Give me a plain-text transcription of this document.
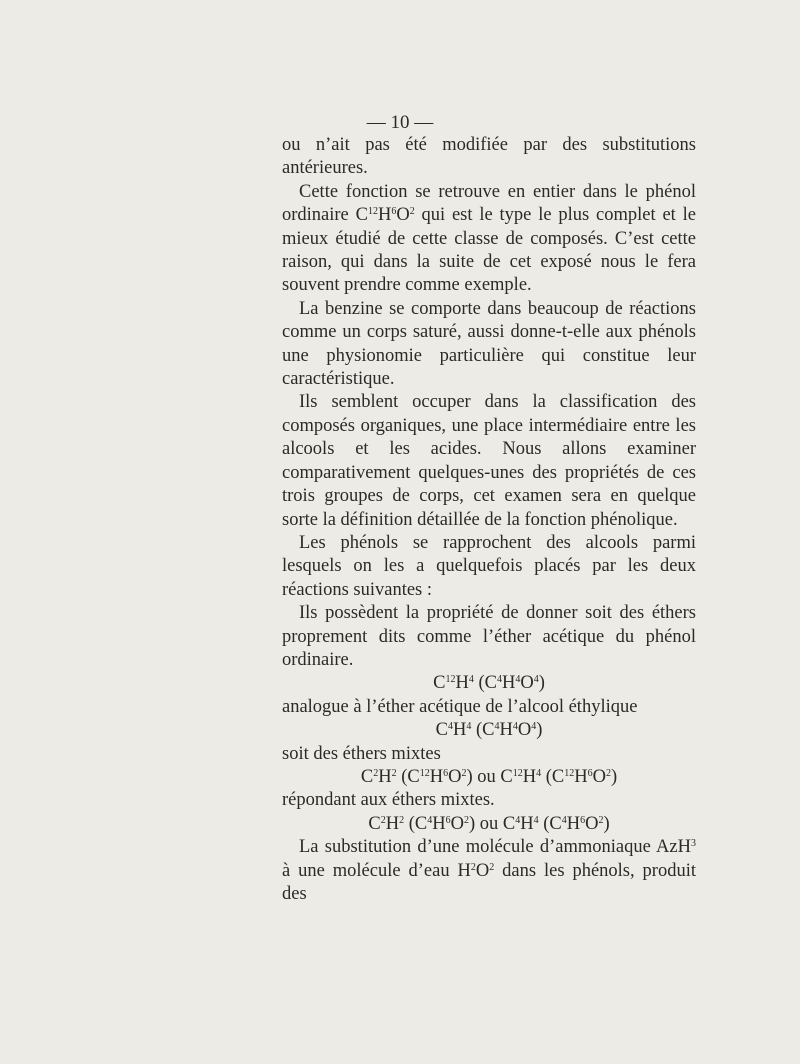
— 10 —

ou n’ait pas été modifiée par des substitutions antérieures.

Cette fonction se retrouve en entier dans le phénol ordinaire $C^{12}H^6O^2$ qui est le type le plus complet et le mieux étudié de cette classe de composés. C’est cette raison, qui dans la suite de cet exposé nous le fera souvent prendre comme exemple.

La benzine se comporte dans beaucoup de réactions comme un corps saturé, aussi donne-t-elle aux phénols une physionomie particulière qui constitue leur caractéristique.

Ils semblent occuper dans la classification des composés organiques, une place intermédiaire entre les alcools et les acides. Nous allons examiner comparativement quelques-unes des propriétés de ces trois groupes de corps, cet examen sera en quelque sorte la définition détaillée de la fonction phénolique.

Les phénols se rapprochent des alcools parmi lesquels on les a quelquefois placés par les deux réactions suivantes :

Ils possèdent la propriété de donner soit des éthers proprement dits comme l’éther acétique du phénol ordinaire.

$C^{12}H^4$ $(C^4H^4O^4)$

analogue à l’éther acétique de l’alcool éthylique

$C^4H^4$ $(C^4H^4O^4)$

soit des éthers mixtes

$C^2H^2$ $(C^{12}H^6O^2)$ ou $C^{12}H^4$ $(C^{12}H^6O^2)$

répondant aux éthers mixtes.

$C^2H^2$ $(C^4H^6O^2)$ ou $C^4H^4$ $(C^4H^6O^2)$

La substitution d’une molécule d’ammoniaque AzH$^3$ à une molécule d’eau $H^2O^2$ dans les phénols, produit des
